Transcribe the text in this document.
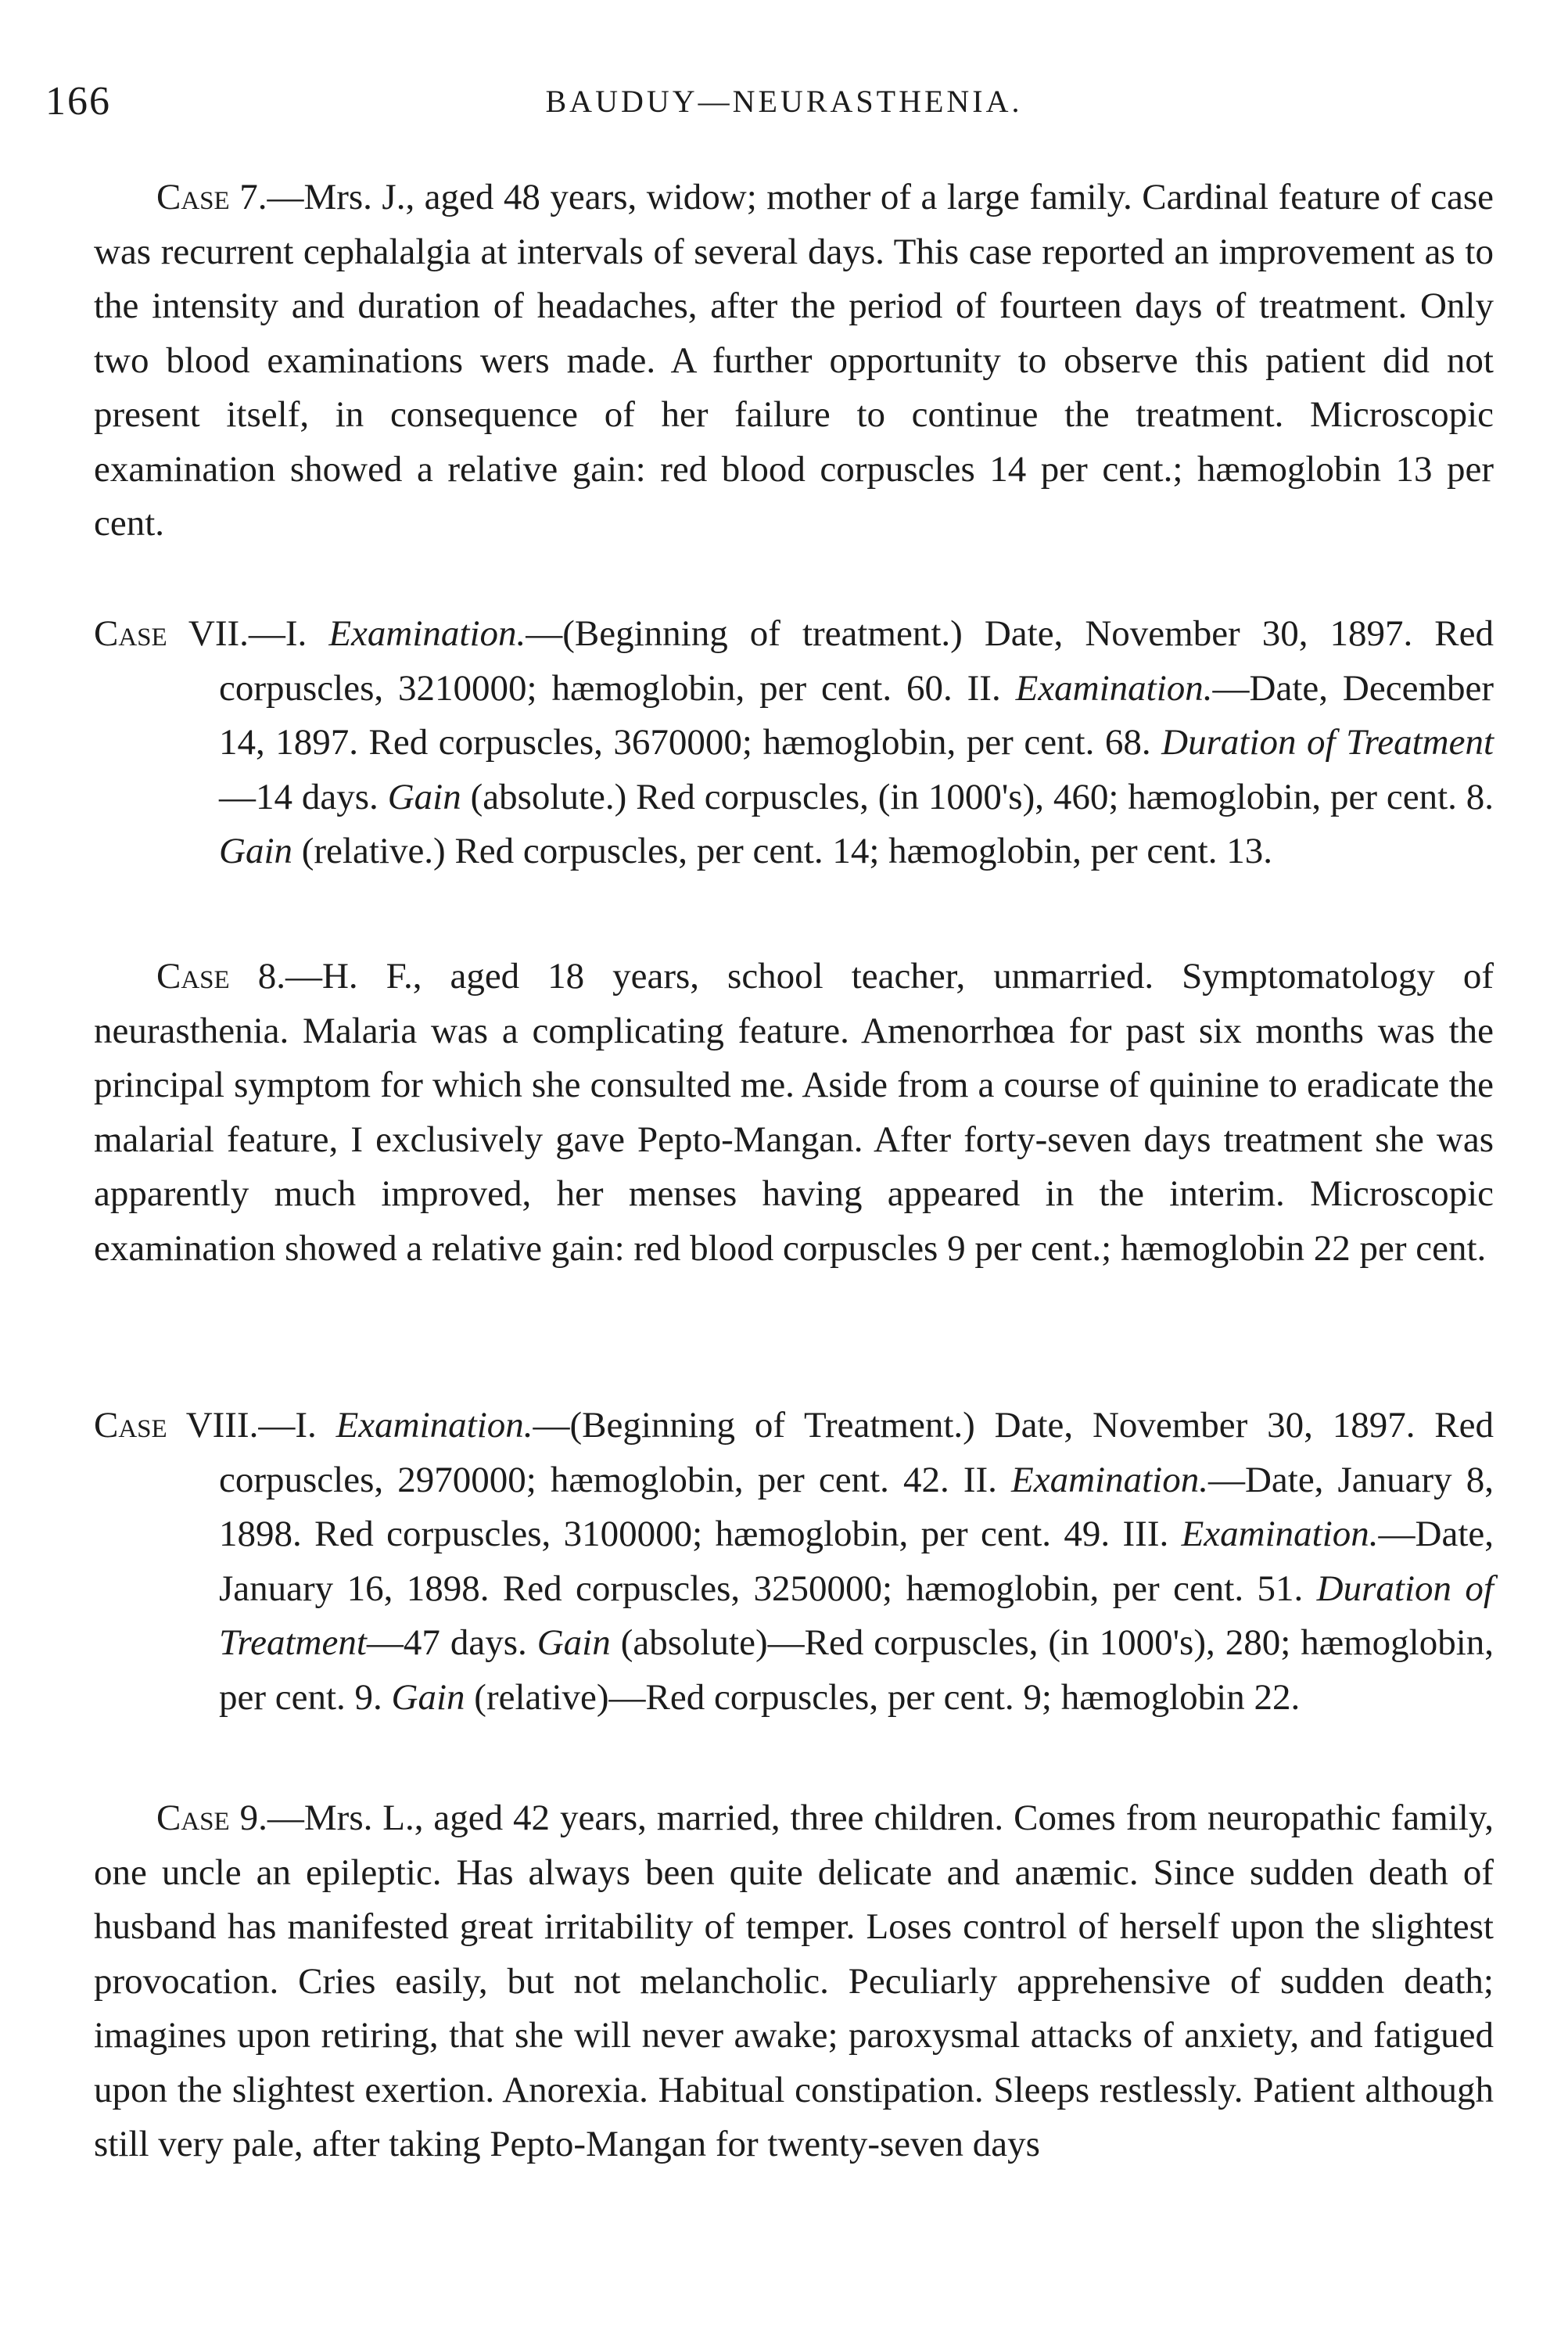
166	BAUDUY—NEURASTHENIA.

Case 7.—Mrs. J., aged 48 years, widow; mother of a large family. Cardinal feature of case was recurrent cephalalgia at intervals of several days. This case reported an improvement as to the intensity and duration of headaches, after the period of fourteen days of treatment. Only two blood examinations wers made. A further opportunity to observe this patient did not present itself, in consequence of her failure to continue the treatment. Microscopic examination showed a relative gain: red blood corpuscles 14 per cent.; hæmoglobin 13 per cent.

Case VII.—I. Examination.—(Beginning of treatment.) Date, November 30, 1897. Red corpuscles, 3210000; hæmoglobin, per cent. 60. II. Examination.—Date, December 14, 1897. Red corpuscles, 3670000; hæmoglobin, per cent. 68. Duration of Treatment—14 days. Gain (absolute.) Red corpuscles, (in 1000's), 460; hæmoglobin, per cent. 8. Gain (relative.) Red corpuscles, per cent. 14; hæmoglobin, per cent. 13.

Case 8.—H. F., aged 18 years, school teacher, unmarried. Symptomatology of neurasthenia. Malaria was a complicating feature. Amenorrhœa for past six months was the principal symptom for which she consulted me. Aside from a course of quinine to eradicate the malarial feature, I exclusively gave Pepto-Mangan. After forty-seven days treatment she was apparently much improved, her menses having appeared in the interim. Microscopic examination showed a relative gain: red blood corpuscles 9 per cent.; hæmoglobin 22 per cent.

Case VIII.—I. Examination.—(Beginning of Treatment.) Date, November 30, 1897. Red corpuscles, 2970000; hæmoglobin, per cent. 42. II. Examination.—Date, January 8, 1898. Red corpuscles, 3100000; hæmoglobin, per cent. 49. III. Examination.—Date, January 16, 1898. Red corpuscles, 3250000; hæmoglobin, per cent. 51. Duration of Treatment—47 days. Gain (absolute)—Red corpuscles, (in 1000's), 280; hæmoglobin, per cent. 9. Gain (relative)—Red corpuscles, per cent. 9; hæmoglobin 22.

Case 9.—Mrs. L., aged 42 years, married, three children. Comes from neuropathic family, one uncle an epileptic. Has always been quite delicate and anæmic. Since sudden death of husband has manifested great irritability of temper. Loses control of herself upon the slightest provocation. Cries easily, but not melancholic. Peculiarly apprehensive of sudden death; imagines upon retiring, that she will never awake; paroxysmal attacks of anxiety, and fatigued upon the slightest exertion. Anorexia. Habitual constipation. Sleeps restlessly. Patient although still very pale, after taking Pepto-Mangan for twenty-seven days
